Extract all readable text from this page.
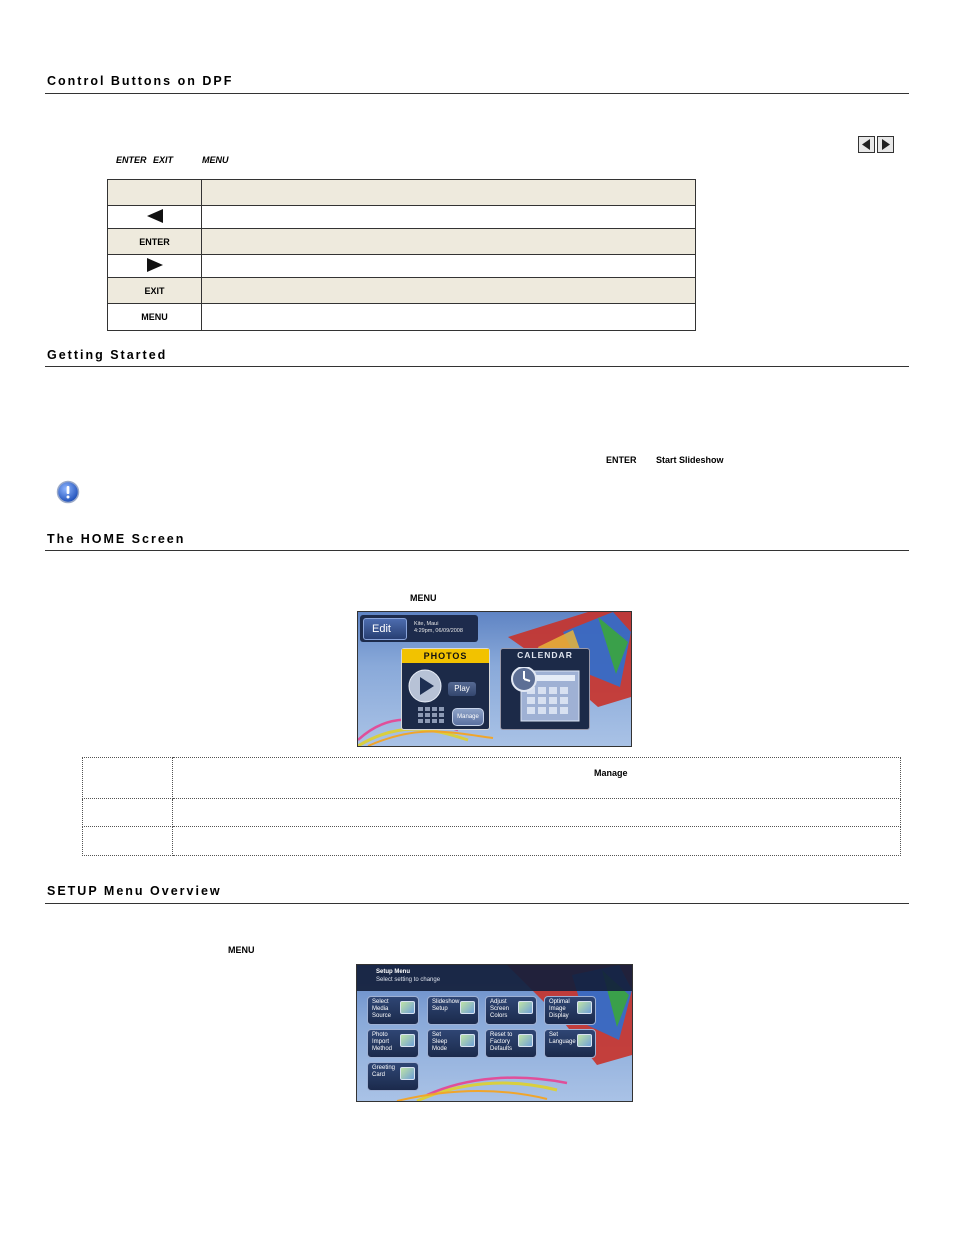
Control Buttons on DPF
ENTER EXIT	MENU

ENTER	

EXIT	
MENU	
Getting Started
ENTER Start Slideshow
The HOME Screen
MENU
Edit	Kite, Maui
4:29pm, 06/09/2008
PHOTOS
Play
Manage
CALENDAR

	Manage

SETUP Menu Overview
MENU
Setup Menu
Select setting to change
Select
Media
Source
Slideshow
Setup
Adjust
Screen
Colors
Optimal
Image
Display
Photo
Import
Method
Set
Sleep
Mode
Reset to
Factory
Defaults
Set
Language
Greeting
Card
